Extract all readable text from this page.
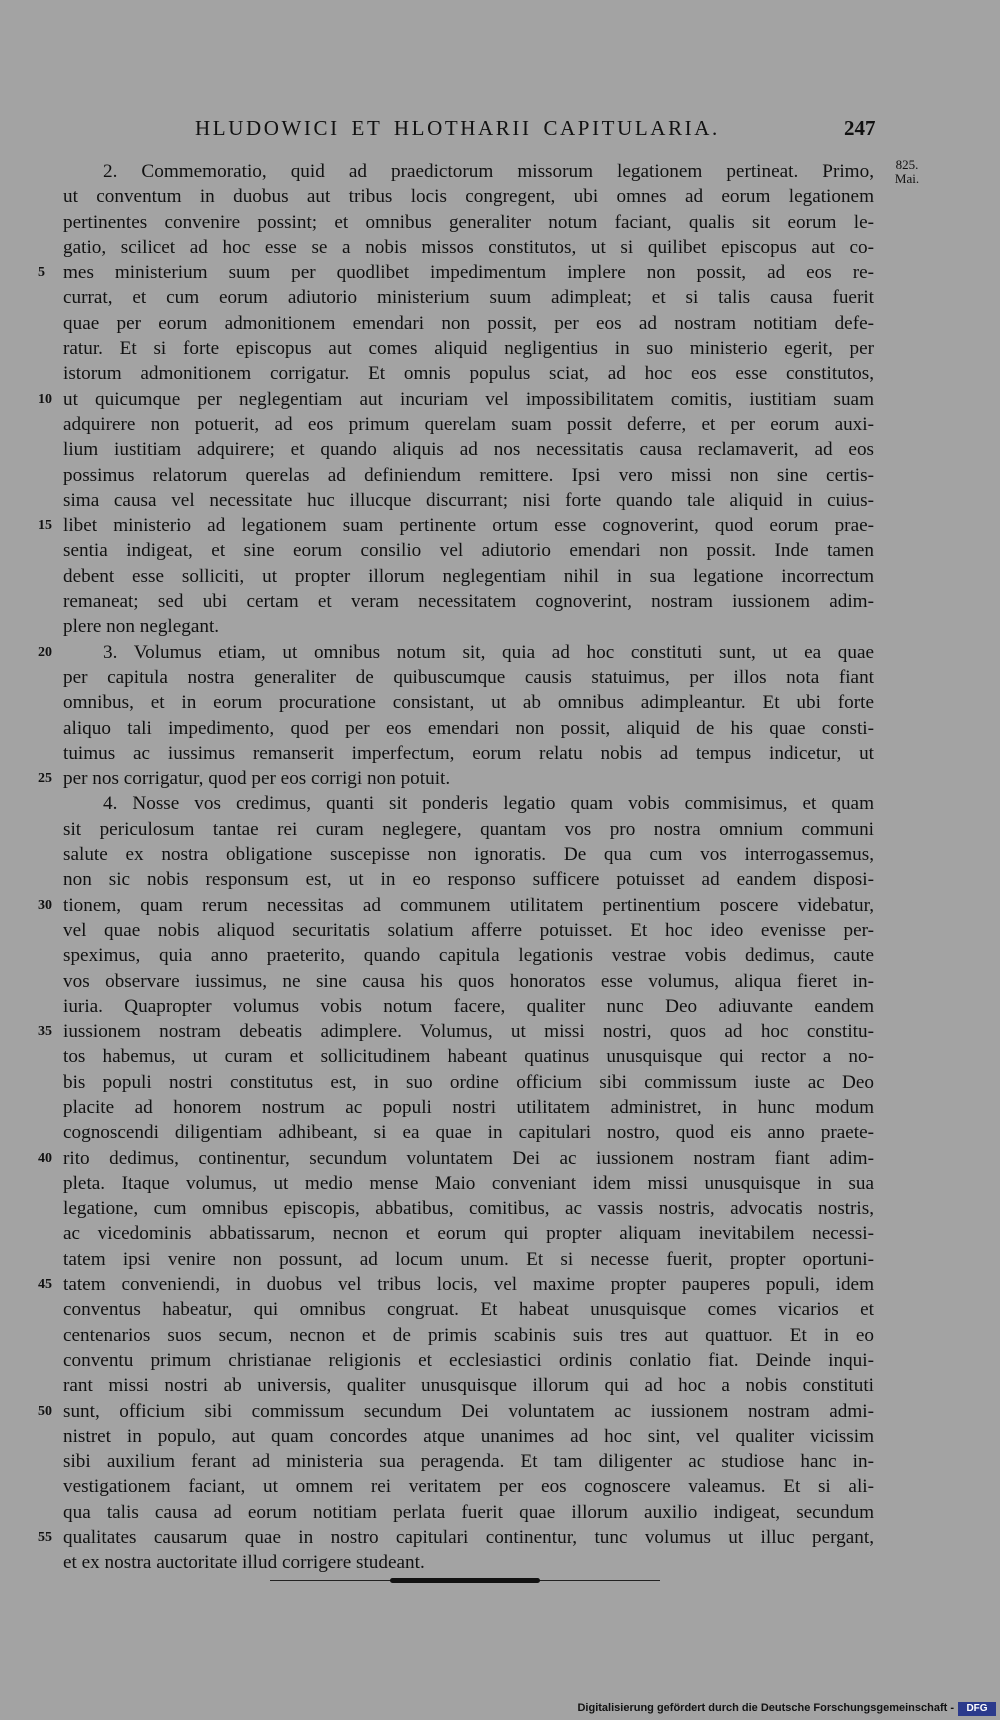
HLUDOWICI ET HLOTHARII CAPITULARIA.	247
825.
Mai.
2. Commemoratio, quid ad praedictorum missorum legationem pertineat. Primo,
ut conventum in duobus aut tribus locis congregent, ubi omnes ad eorum legationem
pertinentes convenire possint; et omnibus generaliter notum faciant, qualis sit eorum le-
gatio, scilicet ad hoc esse se a nobis missos constitutos, ut si quilibet episcopus aut co-
5 mes ministerium suum per quodlibet impedimentum implere non possit, ad eos re-
currat, et cum eorum adiutorio ministerium suum adimpleat; et si talis causa fuerit
quae per eorum admonitionem emendari non possit, per eos ad nostram notitiam defe-
ratur. Et si forte episcopus aut comes aliquid negligentius in suo ministerio egerit, per
istorum admonitionem corrigatur. Et omnis populus sciat, ad hoc eos esse constitutos,
10 ut quicumque per neglegentiam aut incuriam vel impossibilitatem comitis, iustitiam suam
adquirere non potuerit, ad eos primum querelam suam possit deferre, et per eorum auxi-
lium iustitiam adquirere; et quando aliquis ad nos necessitatis causa reclamaverit, ad eos
possimus relatorum querelas ad definiendum remittere. Ipsi vero missi non sine certis-
sima causa vel necessitate huc illucque discurrant; nisi forte quando tale aliquid in cuius-
15 libet ministerio ad legationem suam pertinente ortum esse cognoverint, quod eorum prae-
sentia indigeat, et sine eorum consilio vel adiutorio emendari non possit. Inde tamen
debent esse solliciti, ut propter illorum neglegentiam nihil in sua legatione incorrectum
remaneat; sed ubi certam et veram necessitatem cognoverint, nostram iussionem adim-
plere non neglegant.
20	3. Volumus etiam, ut omnibus notum sit, quia ad hoc constituti sunt, ut ea quae
per capitula nostra generaliter de quibuscumque causis statuimus, per illos nota fiant
omnibus, et in eorum procuratione consistant, ut ab omnibus adimpleantur. Et ubi forte
aliquo tali impedimento, quod per eos emendari non possit, aliquid de his quae consti-
tuimus ac iussimus remanserit imperfectum, eorum relatu nobis ad tempus indicetur, ut
25 per nos corrigatur, quod per eos corrigi non potuit.
4. Nosse vos credimus, quanti sit ponderis legatio quam vobis commisimus, et quam
sit periculosum tantae rei curam neglegere, quantam vos pro nostra omnium communi
salute ex nostra obligatione suscepisse non ignoratis. De qua cum vos interrogassemus,
non sic nobis responsum est, ut in eo responso sufficere potuisset ad eandem disposi-
30 tionem, quam rerum necessitas ad communem utilitatem pertinentium poscere videbatur,
vel quae nobis aliquod securitatis solatium afferre potuisset. Et hoc ideo evenisse per-
speximus, quia anno praeterito, quando capitula legationis vestrae vobis dedimus, caute
vos observare iussimus, ne sine causa his quos honoratos esse volumus, aliqua fieret in-
iuria. Quapropter volumus vobis notum facere, qualiter nunc Deo adiuvante eandem
35 iussionem nostram debeatis adimplere. Volumus, ut missi nostri, quos ad hoc constitu-
tos habemus, ut curam et sollicitudinem habeant quatinus unusquisque qui rector a no-
bis populi nostri constitutus est, in suo ordine officium sibi commissum iuste ac Deo
placite ad honorem nostrum ac populi nostri utilitatem administret, in hunc modum
cognoscendi diligentiam adhibeant, si ea quae in capitulari nostro, quod eis anno praete-
40 rito dedimus, continentur, secundum voluntatem Dei ac iussionem nostram fiant adim-
pleta. Itaque volumus, ut medio mense Maio conveniant idem missi unusquisque in sua
legatione, cum omnibus episcopis, abbatibus, comitibus, ac vassis nostris, advocatis nostris,
ac vicedominis abbatissarum, necnon et eorum qui propter aliquam inevitabilem necessi-
tatem ipsi venire non possunt, ad locum unum. Et si necesse fuerit, propter oportuni-
45 tatem conveniendi, in duobus vel tribus locis, vel maxime propter pauperes populi, idem
conventus habeatur, qui omnibus congruat. Et habeat unusquisque comes vicarios et
centenarios suos secum, necnon et de primis scabinis suis tres aut quattuor. Et in eo
conventu primum christianae religionis et ecclesiastici ordinis conlatio fiat. Deinde inqui-
rant missi nostri ab universis, qualiter unusquisque illorum qui ad hoc a nobis constituti
50 sunt, officium sibi commissum secundum Dei voluntatem ac iussionem nostram admi-
nistret in populo, aut quam concordes atque unanimes ad hoc sint, vel qualiter vicissim
sibi auxilium ferant ad ministeria sua peragenda. Et tam diligenter ac studiose hanc in-
vestigationem faciant, ut omnem rei veritatem per eos cognoscere valeamus. Et si ali-
qua talis causa ad eorum notitiam perlata fuerit quae illorum auxilio indigeat, secundum
55 qualitates causarum quae in nostro capitulari continentur, tunc volumus ut illuc pergant,
et ex nostra auctoritate illud corrigere studeant.
Digitalisierung gefördert durch die Deutsche Forschungsgemeinschaft -	DFG
